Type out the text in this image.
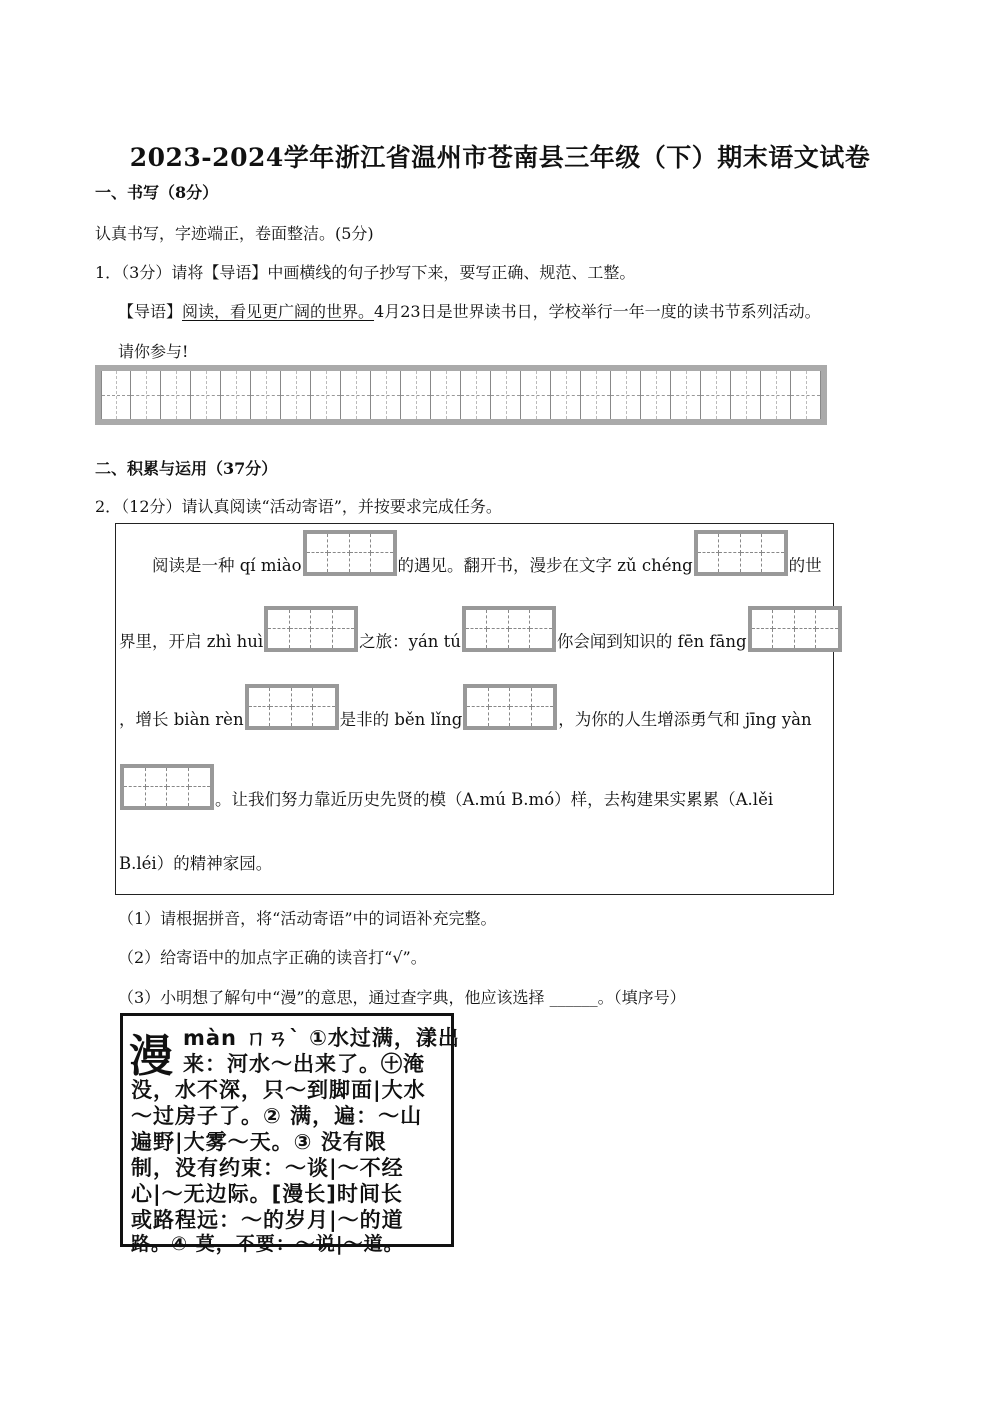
2023-2024学年浙江省温州市苍南县三年级（下）期末语文试卷
一、书写（8分）
认真书写，字迹端正，卷面整洁。(5分)
1．（3分）请将【导语】中画横线的句子抄写下来，要写正确、规范、工整。
【导语】阅读，看见更广阔的世界。4月23日是世界读书日，学校举行一年一度的读书节系列活动。
请你参与!
二、积累与运用（37分）
2．（12分）请认真阅读“活动寄语”，并按要求完成任务。
阅读是一种 qí miào	的遇见。翻开书，漫步在文字 zǔ chéng	的世
界里，开启 zhì huì	之旅：yán tú	你会闻到知识的 fēn fāng
，增长 biàn rèn	是非的 běn lǐng	，为你的人生增添勇气和 jīng yàn
。让我们努力靠近历史先贤的模（A.mú B.mó）样，去构建果实累累（A.lěi
B.léi）的精神家园。
（1）请根据拼音，将“活动寄语”中的词语补充完整。
（2）给寄语中的加点字正确的读音打“√”。
（3）小明想了解句中“漫”的意思，通过查字典，他应该选择 ______。（填序号）
漫 màn ㄇㄢˋ ①水过满，漾出
来：河水～出来了。㊉淹
没，水不深，只～到脚面|大水
～过房子了。② 满，遍：～山
遍野|大雾～天。③ 没有限
制，没有约束：～谈|～不经
心|～无边际。[漫长]时间长
或路程远：～的岁月|～的道
路。④ 莫，不要：～说|～道。
